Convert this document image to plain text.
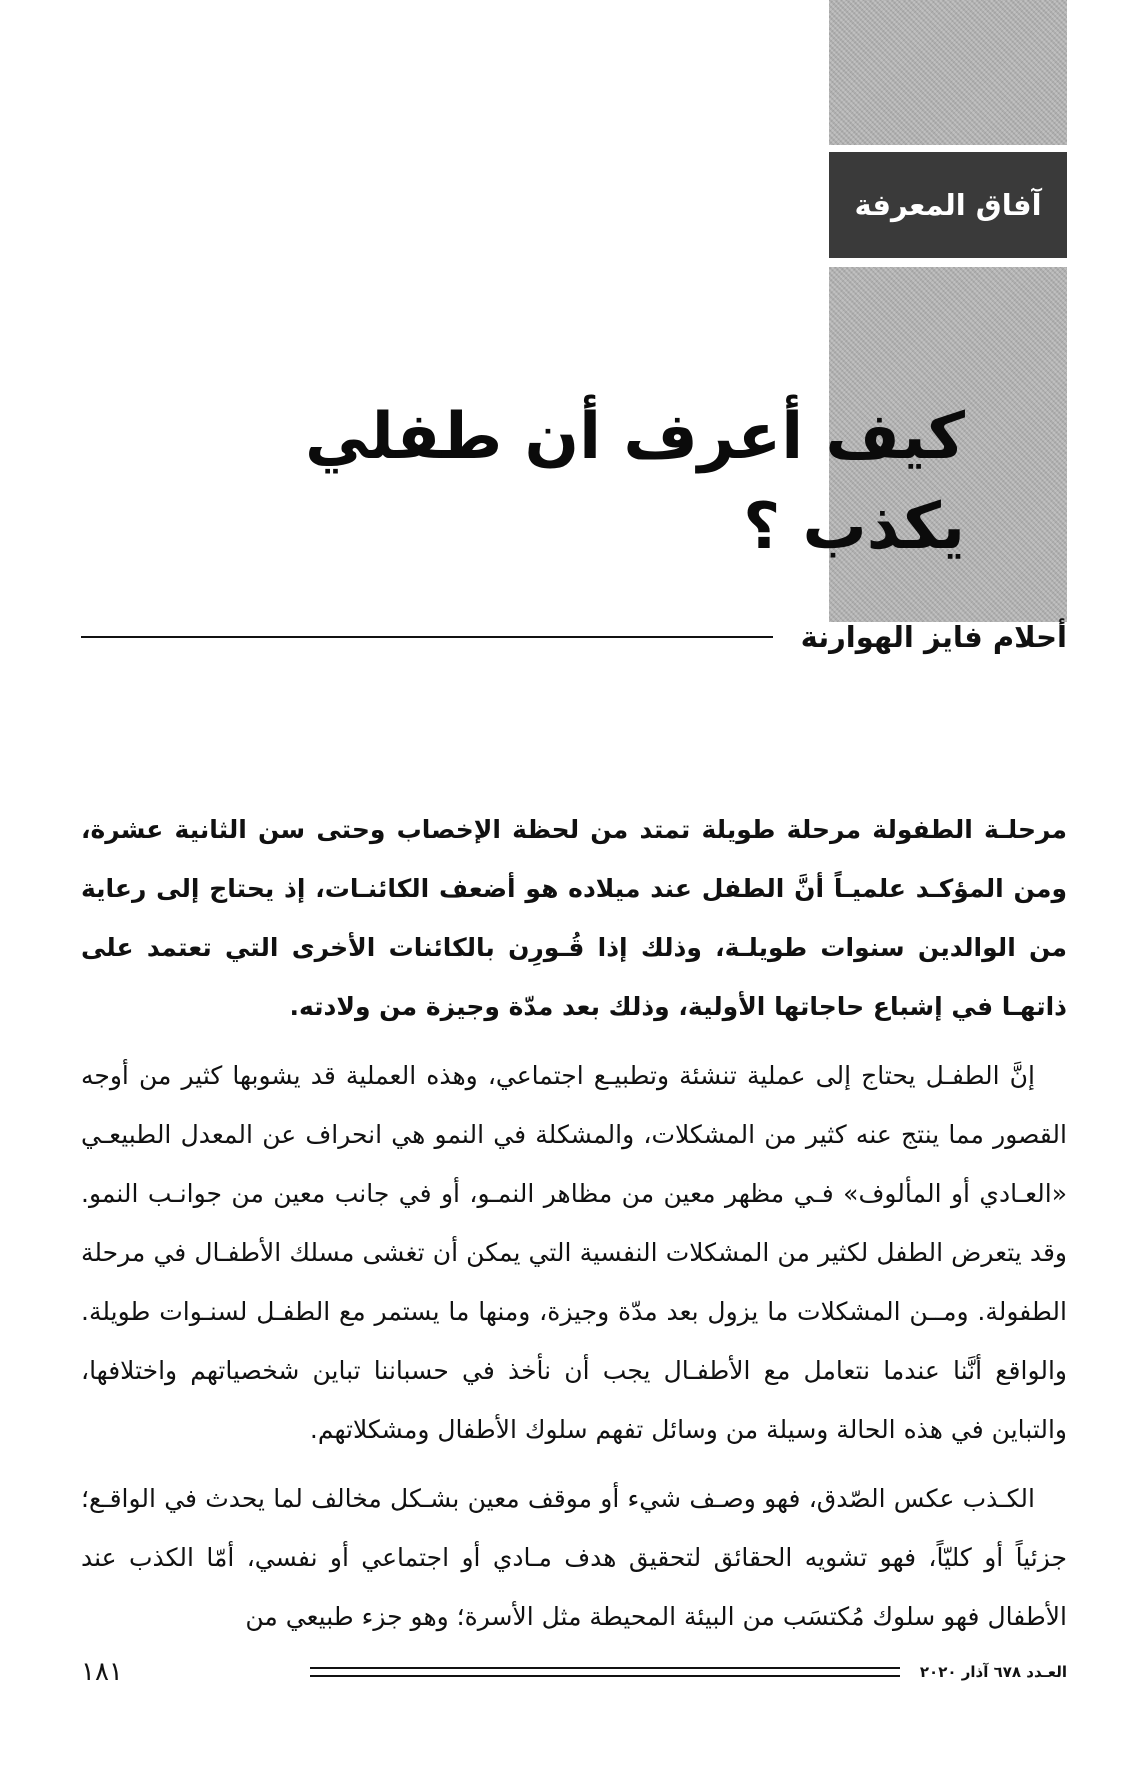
آفاق المعرفة
كيف أعرف أن طفلي يكذب ؟
أحلام فايز الهوارنة

مرحلـة الطفولة مرحلة طويلة تمتد من لحظة الإخصاب وحتى سن الثانية عشرة، ومن المؤكـد علميـاً أنَّ الطفل عند ميلاده هو أضعف الكائنـات، إذ يحتاج إلى رعاية من الوالدين سنوات طويلـة، وذلك إذا قُـورِن بالكائنات الأخرى التي تعتمد على ذاتهـا في إشباع حاجاتها الأولية، وذلك بعد مدّة وجيزة من ولادته.

إنَّ الطفـل يحتاج إلى عملية تنشئة وتطبيـع اجتماعي، وهذه العملية قد يشوبها كثير من أوجه القصور مما ينتج عنه كثير من المشكلات، والمشكلة في النمو هي انحراف عن المعدل الطبيعـي «العـادي أو المألوف» فـي مظهر معين من مظاهر النمـو، أو في جانب معين من جوانـب النمو. وقد يتعرض الطفل لكثير من المشكلات النفسية التي يمكن أن تغشى مسلك الأطفـال في مرحلة الطفولة. ومــن المشكلات ما يزول بعد مدّة وجيزة، ومنها ما يستمر مع الطفـل لسنـوات طويلة. والواقع أنَّنا عندما نتعامل مع الأطفـال يجب أن نأخذ في حسباننا تباين شخصياتهم واختلافها، والتباين في هذه الحالة وسيلة من وسائل تفهم سلوك الأطفال ومشكلاتهم.

الكـذب عكس الصّدق، فهو وصـف شيء أو موقف معين بشـكل مخالف لما يحدث في الواقـع؛ جزئياً أو كليّاً، فهو تشويه الحقائق لتحقيق هدف مـادي أو اجتماعي أو نفسي، أمّا الكذب عند الأطفال فهو سلوك مُكتسَب من البيئة المحيطة مثل الأسرة؛ وهو جزء طبيعي من

العـدد ٦٧٨ آذار ٢٠٢٠
١٨١
